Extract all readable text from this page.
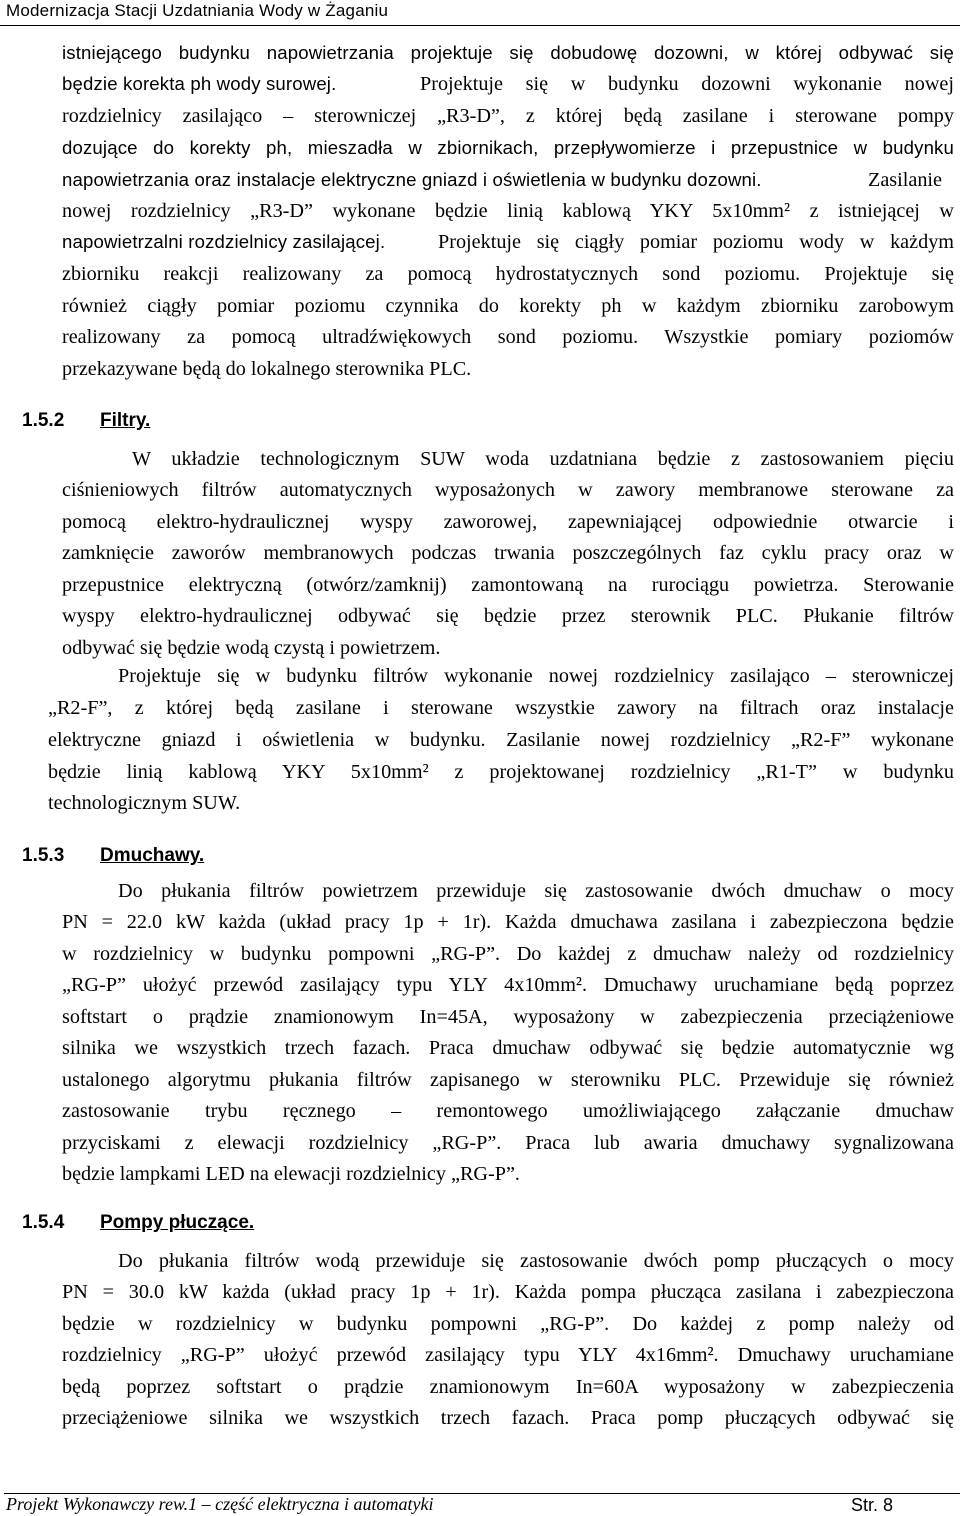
Modernizacja Stacji Uzdatniania Wody w Żaganiu
istniejącego budynku napowietrzania projektuje się dobudowę dozowni, w której odbywać się
będzie korekta ph wody surowej.	Projektuje się w budynku dozowni wykonanie nowej
rozdzielnicy zasilająco – sterowniczej „R3-D”, z której będą zasilane i sterowane pompy
dozujące do korekty ph, mieszadła w zbiornikach, przepływomierze i przepustnice w budynku
napowietrzania oraz instalacje elektryczne gniazd i oświetlenia w budynku dozowni.	Zasilanie
nowej rozdzielnicy „R3-D” wykonane będzie linią kablową YKY 5x10mm² z istniejącej w
napowietrzalni rozdzielnicy zasilającej.	Projektuje się ciągły pomiar poziomu wody w każdym
zbiorniku reakcji realizowany za pomocą hydrostatycznych sond poziomu. Projektuje się
również ciągły pomiar poziomu czynnika do korekty ph w każdym zbiorniku zarobowym
realizowany za pomocą ultradźwiękowych sond poziomu. Wszystkie pomiary poziomów
przekazywane będą do lokalnego sterownika PLC.
1.5.2 Filtry.
W układzie technologicznym SUW woda uzdatniana będzie z zastosowaniem pięciu
ciśnieniowych filtrów automatycznych wyposażonych w zawory membranowe sterowane za
pomocą elektro-hydraulicznej wyspy zaworowej, zapewniającej odpowiednie otwarcie i
zamknięcie zaworów membranowych podczas trwania poszczególnych faz cyklu pracy oraz w
przepustnice elektryczną (otwórz/zamknij) zamontowaną na rurociągu powietrza. Sterowanie
wyspy elektro-hydraulicznej odbywać się będzie przez sterownik PLC. Płukanie filtrów
odbywać się będzie wodą czystą i powietrzem.
Projektuje się w budynku filtrów wykonanie nowej rozdzielnicy zasilająco – sterowniczej
„R2-F”, z której będą zasilane i sterowane wszystkie zawory na filtrach oraz instalacje
elektryczne gniazd i oświetlenia w budynku. Zasilanie nowej rozdzielnicy „R2-F” wykonane
będzie linią kablową YKY 5x10mm² z projektowanej rozdzielnicy „R1-T” w budynku
technologicznym SUW.
1.5.3 Dmuchawy.
Do płukania filtrów powietrzem przewiduje się zastosowanie dwóch dmuchaw o mocy
PN = 22.0 kW każda (układ pracy 1p + 1r). Każda dmuchawa zasilana i zabezpieczona będzie
w rozdzielnicy w budynku pompowni „RG-P”. Do każdej z dmuchaw należy od rozdzielnicy
„RG-P” ułożyć przewód zasilający typu YLY 4x10mm². Dmuchawy uruchamiane będą poprzez
softstart o prądzie znamionowym In=45A, wyposażony w zabezpieczenia przeciążeniowe
silnika we wszystkich trzech fazach. Praca dmuchaw odbywać się będzie automatycznie wg
ustalonego algorytmu płukania filtrów zapisanego w sterowniku PLC. Przewiduje się również
zastosowanie trybu ręcznego – remontowego umożliwiającego załączanie dmuchaw
przyciskami z elewacji rozdzielnicy „RG-P”. Praca lub awaria dmuchawy sygnalizowana
będzie lampkami LED na elewacji rozdzielnicy „RG-P”.
1.5.4 Pompy płuczące.
Do płukania filtrów wodą przewiduje się zastosowanie dwóch pomp płuczących o mocy
PN = 30.0 kW każda (układ pracy 1p + 1r). Każda pompa płucząca zasilana i zabezpieczona
będzie w rozdzielnicy w budynku pompowni „RG-P”. Do każdej z pomp należy od
rozdzielnicy „RG-P” ułożyć przewód zasilający typu YLY 4x16mm². Dmuchawy uruchamiane
będą poprzez softstart o prądzie znamionowym In=60A wyposażony w zabezpieczenia
przeciążeniowe silnika we wszystkich trzech fazach. Praca pomp płuczących odbywać się
Projekt Wykonawczy rew.1 – część elektryczna i automatyki	Str. 8
